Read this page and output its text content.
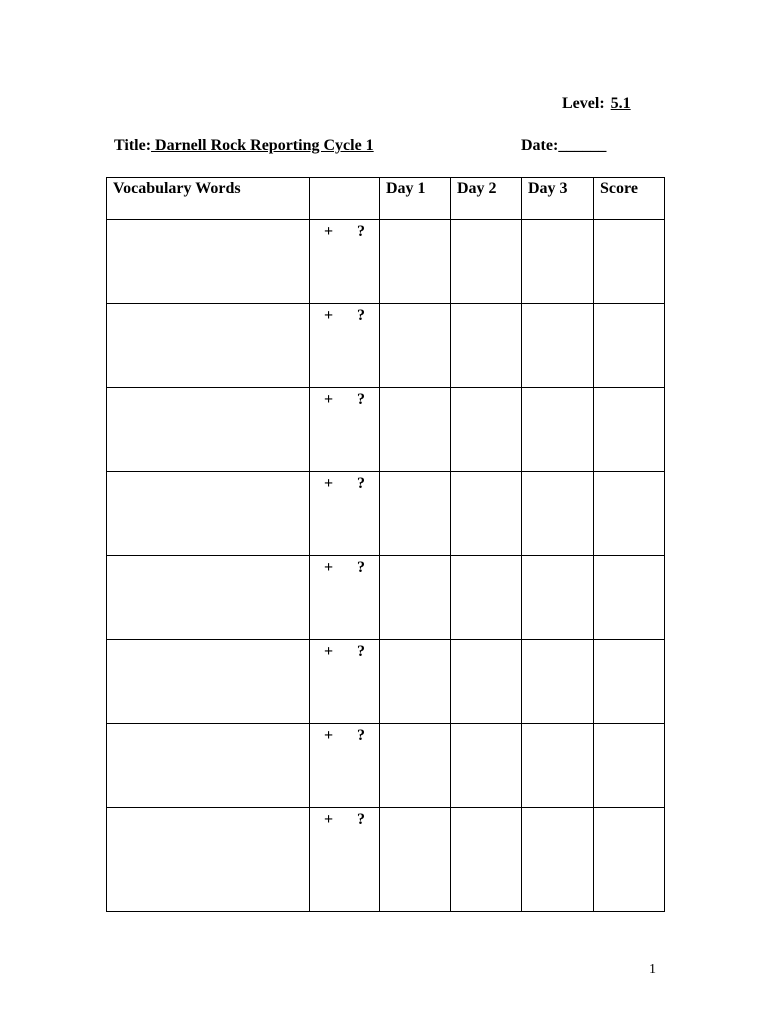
Level: 5.1
Title: Darnell Rock Reporting Cycle 1	Date:______
Vocabulary Words		Day 1	Day 2	Day 3	Score

	+ ?				

	+ ?				

	+ ?				

	+ ?				

	+ ?				

	+ ?				

	+ ?				

	+ ?				

1
